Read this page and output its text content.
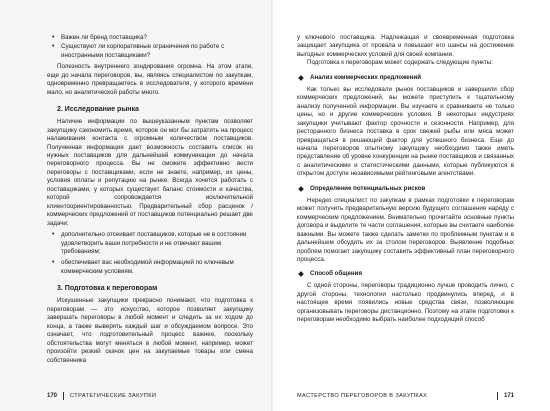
• Важен ли бренд поставщика?
• Существуют ли корпоративные ограничения по работе с иностранными поставщиками?

Полезность внутреннего зондирования огромна. На этом этапе, еще до начала переговоров, вы, являясь специалистом по закупкам, одновременно превращаетесь в исследователя, у которого времени мало, но аналитической работы много.

2. Исследование рынка

Наличие информации по вышеуказанным пунктам позволяет закупщику сэкономить время, которое он мог бы затратить на процесс налаживания контакта с огромным количеством поставщиков. Полученная информация дает возможность составить список из нужных поставщиков для дальнейшей коммуникации до начала переговорного процесса. Вы не сможете эффективно вести переговоры с поставщиками, если не знаете, например, их цены, условия оплаты и репутацию на рынке. Всегда хочется работать с поставщиками, у которых существует баланс стоимости и качества, которой сопровождается исключительной клиентоориентированностью. Предварительный сбор расценок / коммерческих предложений от поставщиков потенциально решает две задачи:

• дополнительно отсеивает поставщиков, которые не в состоянии удовлетворить ваши потребности и не отвечают вашим требованиям;
• обеспечивает вас необходимой информацией по ключевым коммерческим условиям.
3. Подготовка к переговорам

Искушенные закупщики прекрасно понимают, что подготовка к переговорам — это искусство, которое позволяет закупщику завершать переговоры в любой момент и следить за их ходом до конца, а также выверять каждый шаг и обсуждаемом вопросе. Это означает, что подготовительный процесс важнее, поскольку обстоятельства могут меняться в любой момент, например, может произойти резкий скачок цен на закупаемые товары или смена собственника

170 СТРАТЕГИЧЕСКИЕ ЗАКУПКИ

у ключевого поставщика. Надлежащая и своевременная подготовка защищает закупщика от провала и повышает его шансы на достижение выгодных коммерческих условий для своей компании.

Подготовка к переговорам может содержать следующие пункты:

Анализ коммерческих предложений

Как только вы исследовали рынок поставщиков и завершили сбор коммерческих предложений, вы можете приступить к тщательному анализу полученной информации. Вы изучаете и сравниваете не только цены, но и другие коммерческие условия. В некоторых индустриях закупщики учитывают фактор срочности и сезонности. Например, для ресторанного бизнеса поставка в срок свежей рыбы или мяса может превращаться в решающий фактор для успешного бизнеса. Еще до начала переговоров опытному закупщику необходимо также иметь представление об уровне конкуренции на рынке поставщиков и связанных с аналитическими и статистическими данными, которые публикуются в открытом доступе независимыми рейтинговыми агентствами.

Определение потенциальных рисков

Нередко специалист по закупкам в рамках подготовки к переговорам может получить предварительную версию будущего соглашения наряду с коммерческим предложением. Внимательно прочитайте основные пункты договора и выделите те части соглашения, которые вы считаете наиболее важными. Вы можете также сделать заметки по проблемным пунктам и в дальнейшем обсудить их за столом переговоров. Выявление подобных проблем помогает закупщику составить эффективный план переговорного процесса.

Способ общения

С одной стороны, переговоры традиционно лучше проводить лично, с другой стороны, технологии настолько продвинулись вперед, и в настоящее время появились новые средства связи, позволяющие организовывать переговоры дистанционно. Поэтому на этапе подготовки к переговорам необходимо выбрать наиболее подходящий способ

МАСТЕРСТВО ПЕРЕГОВОРОВ В ЗАКУПКАХ	171
